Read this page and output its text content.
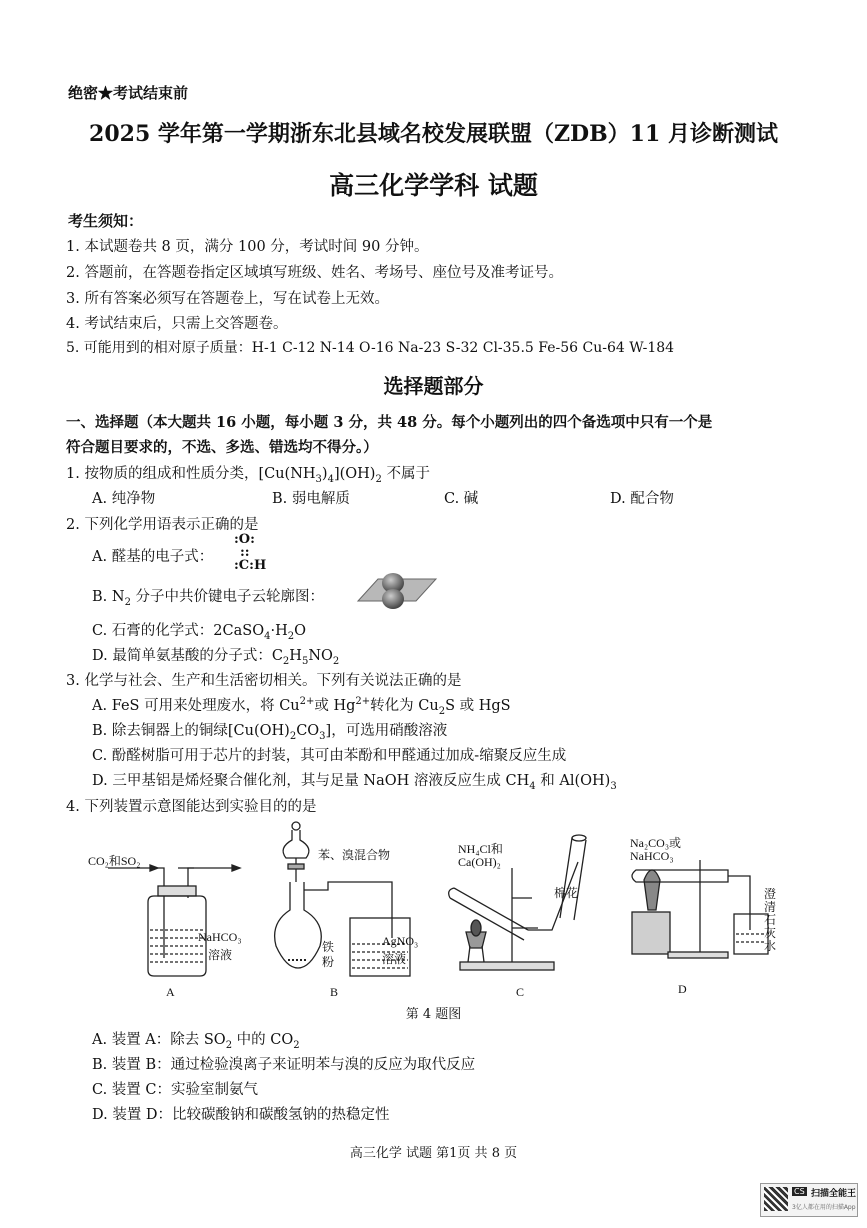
绝密★考试结束前
2025 学年第一学期浙东北县域名校发展联盟（ZDB）11 月诊断测试
高三化学学科 试题
考生须知：
1. 本试题卷共 8 页，满分 100 分，考试时间 90 分钟。
2. 答题前，在答题卷指定区域填写班级、姓名、考场号、座位号及准考证号。
3. 所有答案必须写在答题卷上，写在试卷上无效。
4. 考试结束后，只需上交答题卷。
5. 可能用到的相对原子质量：H-1 C-12 N-14 O-16 Na-23 S-32 Cl-35.5 Fe-56 Cu-64 W-184
选择题部分
一、选择题（本大题共 16 小题，每小题 3 分，共 48 分。每个小题列出的四个备选项中只有一个是
符合题目要求的，不选、多选、错选均不得分。）
1. 按物质的组成和性质分类，$[Cu(NH_3)_4](OH)_2$ 不属于
A. 纯净物	B. 弱电解质	C. 碱	D. 配合物
2. 下列化学用语表示正确的是
A. 醛基的电子式：
:O:
::
:C:H
B. $N_2$ 分子中共价键电子云轮廓图：
C. 石膏的化学式：$2CaSO_4\cdot H_2O$
D. 最简单氨基酸的分子式：$C_2H_5NO_2$
3. 化学与社会、生产和生活密切相关。下列有关说法正确的是
A. FeS 可用来处理废水，将 $Cu^{2+}$或 $Hg^{2+}$转化为 $Cu_2S$ 或 HgS
B. 除去铜器上的铜绿$[Cu(OH)_2CO_3]$，可选用硝酸溶液
C. 酚醛树脂可用于芯片的封装，其可由苯酚和甲醛通过加成-缩聚反应生成
D. 三甲基铝是烯烃聚合催化剂，其与足量 NaOH 溶液反应生成 $CH_4$ 和 $Al(OH)_3$
4. 下列装置示意图能达到实验目的的是
CO₂和SO₂
NaHCO₃
溶液
A
苯、溴混合物
铁
粉
AgNO₃
溶液
B
NH₄Cl和
Ca(OH)₂
棉花
C
Na₂CO₃或
NaHCO₃
澄清石灰水
D
第 4 题图
A. 装置 A：除去 $SO_2$ 中的 $CO_2$
B. 装置 B：通过检验溴离子来证明苯与溴的反应为取代反应
C. 装置 C：实验室制氨气
D. 装置 D：比较碳酸钠和碳酸氢钠的热稳定性
高三化学 试题 第1页 共 8 页
CS 扫描全能王
3亿人都在用的扫描App
